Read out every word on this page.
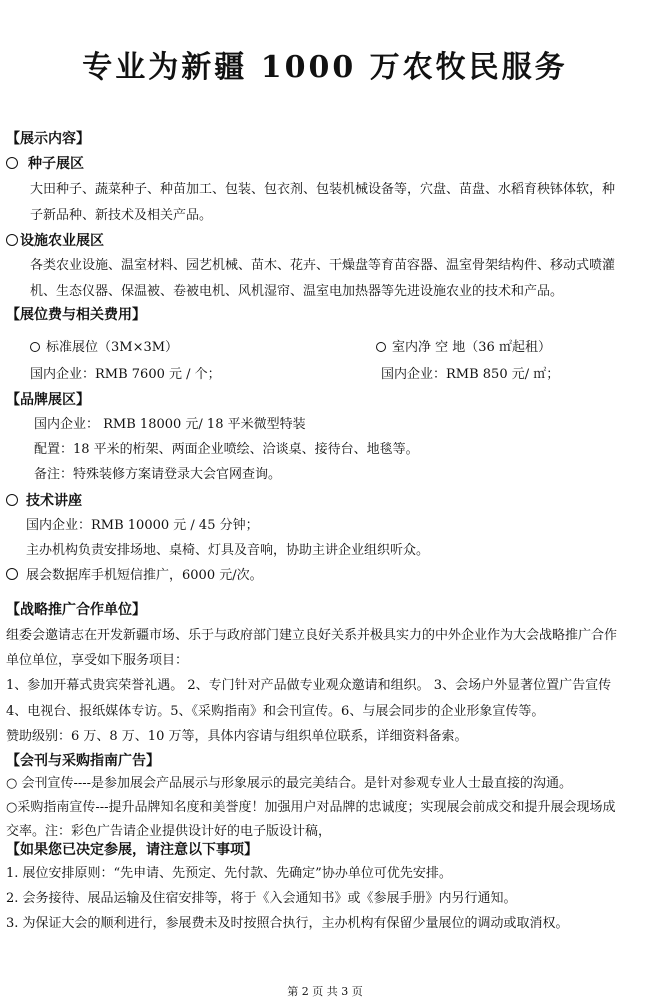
专业为新疆 1000 万农牧民服务
【展示内容】
种子展区
大田种子、蔬菜种子、种苗加工、包装、包衣剂、包装机械设备等，穴盘、苗盘、水稻育秧钵体软，种
子新品种、新技术及相关产品。
设施农业展区
各类农业设施、温室材料、园艺机械、苗木、花卉、干燥盘等育苗容器、温室骨架结构件、移动式喷灌
机、生态仪器、保温被、卷被电机、风机湿帘、温室电加热器等先进设施农业的技术和产品。
【展位费与相关费用】
标准展位（3M×3M）	室内净 空 地（36 ㎡起租）
国内企业：RMB 7600 元 / 个；	国内企业：RMB 850 元/ ㎡；
【品牌展区】
国内企业： RMB 18000 元/ 18 平米微型特装
配置：18 平米的桁架、两面企业喷绘、洽谈桌、接待台、地毯等。
备注：特殊装修方案请登录大会官网查询。
技术讲座
国内企业：RMB 10000 元 / 45 分钟；
主办机构负责安排场地、桌椅、灯具及音响，协助主讲企业组织听众。
展会数据库手机短信推广，6000 元/次。
【战略推广合作单位】
组委会邀请志在开发新疆市场、乐于与政府部门建立良好关系并极具实力的中外企业作为大会战略推广合作
单位单位，享受如下服务项目：
1、参加开幕式贵宾荣誉礼遇。 2、专门针对产品做专业观众邀请和组织。 3、会场户外显著位置广告宣传
4、电视台、报纸媒体专访。5、《采购指南》和会刊宣传。6、与展会同步的企业形象宣传等。
赞助级别：6 万、8 万、10 万等，具体内容请与组织单位联系，详细资料备索。
【会刊与采购指南广告】
○ 会刊宣传----是参加展会产品展示与形象展示的最完美结合。是针对参观专业人士最直接的沟通。
○采购指南宣传---提升品牌知名度和美誉度！加强用户对品牌的忠诚度；实现展会前成交和提升展会现场成
交率。注：彩色广告请企业提供设计好的电子版设计稿，
【如果您已决定参展，请注意以下事项】
1. 展位安排原则：“先申请、先预定、先付款、先确定”协办单位可优先安排。
2. 会务接待、展品运输及住宿安排等，将于《入会通知书》或《参展手册》内另行通知。
3. 为保证大会的顺利进行，参展费未及时按照合执行，主办机构有保留少量展位的调动或取消权。
第 2 页 共 3 页
